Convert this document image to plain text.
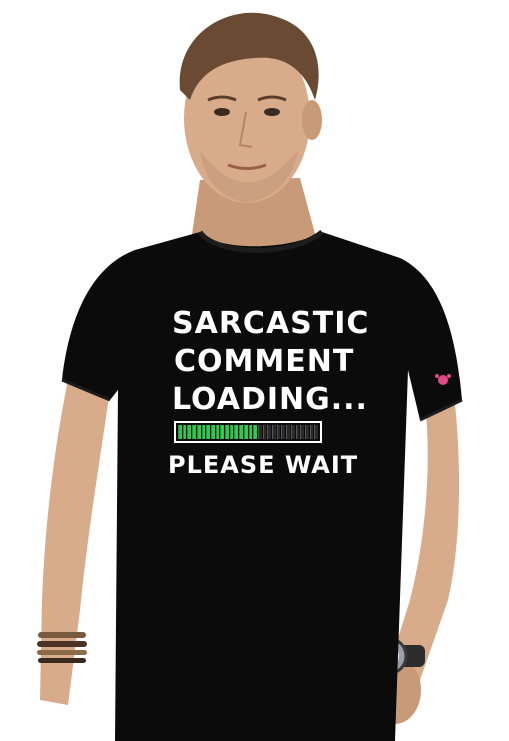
SARCASTIC
COMMENT
LOADING...
PLEASE WAIT
